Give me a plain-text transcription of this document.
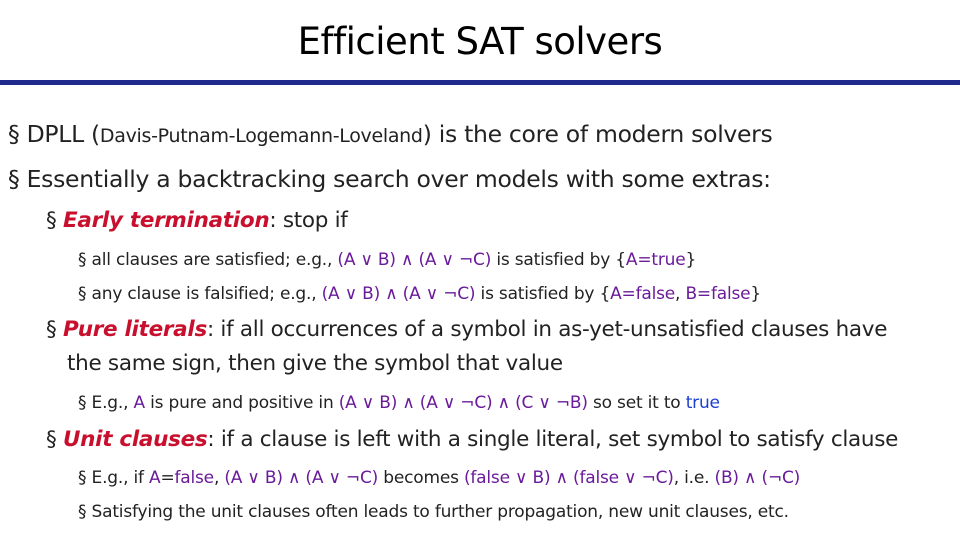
Efficient SAT solvers
§ DPLL (Davis-Putnam-Logemann-Loveland) is the core of modern solvers
§ Essentially a backtracking search over models with some extras:
§ Early termination: stop if
§ all clauses are satisfied; e.g., (A ∨ B) ∧ (A ∨ ¬C) is satisfied by {A=true}
§ any clause is falsified; e.g., (A ∨ B) ∧ (A ∨ ¬C) is satisfied by {A=false, B=false}
§ Pure literals: if all occurrences of a symbol in as-yet-unsatisfied clauses have
the same sign, then give the symbol that value
§ E.g., A is pure and positive in (A ∨ B) ∧ (A ∨ ¬C) ∧ (C ∨ ¬B) so set it to true
§ Unit clauses: if a clause is left with a single literal, set symbol to satisfy clause
§ E.g., if A=false, (A ∨ B) ∧ (A ∨ ¬C) becomes (false ∨ B) ∧ (false ∨ ¬C), i.e. (B) ∧ (¬C)
§ Satisfying the unit clauses often leads to further propagation, new unit clauses, etc.
